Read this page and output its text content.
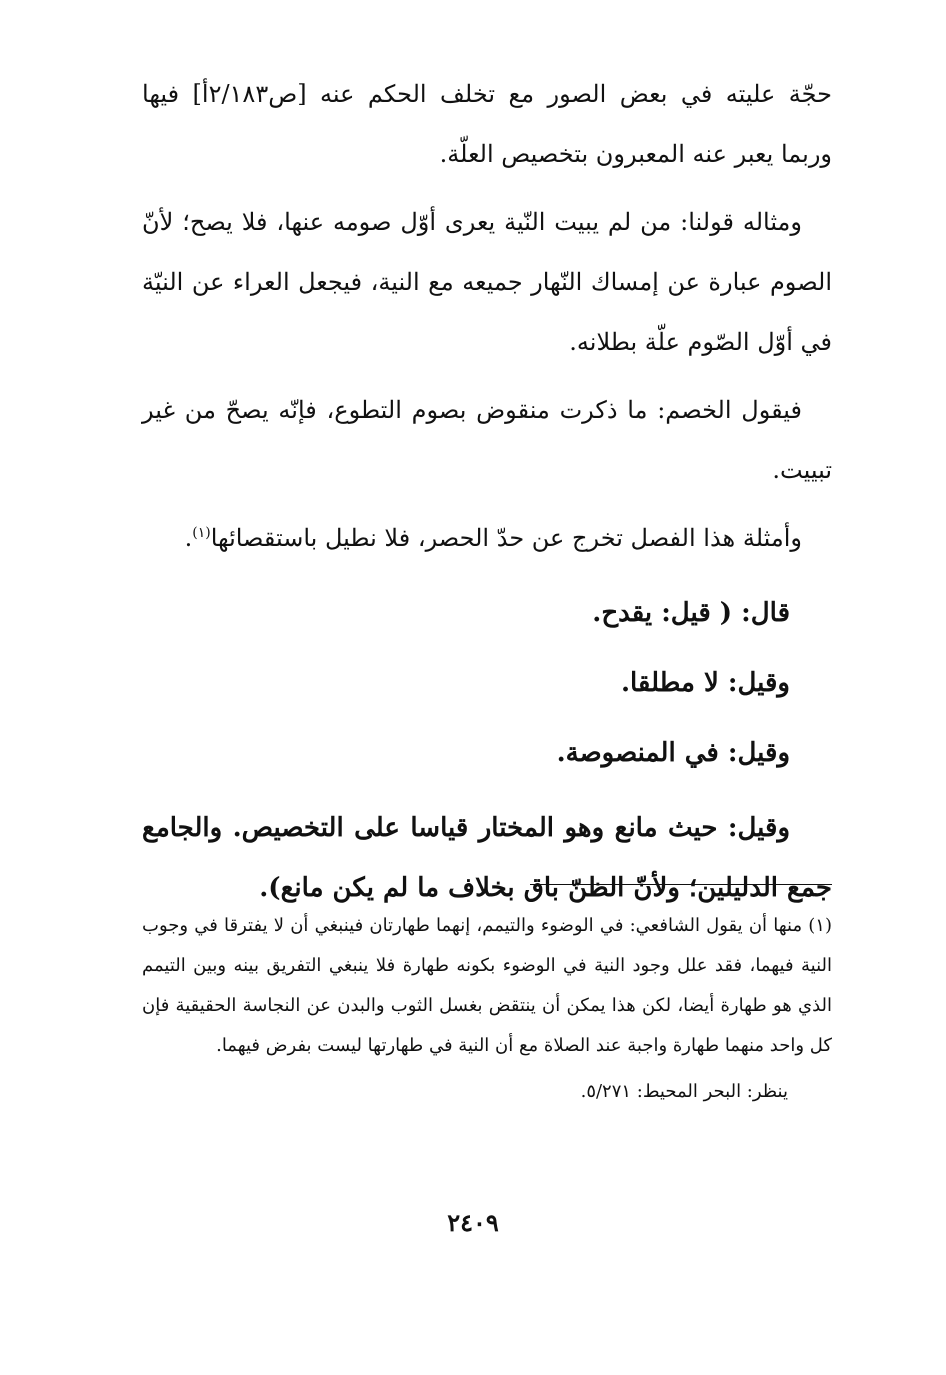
حجّة عليته في بعض الصور مع تخلف الحكم عنه [ص٢/١٨٣أ] فيها وربما يعبر عنه المعبرون بتخصيص العلّة.

ومثاله قولنا: من لم يبيت النّية يعرى أوّل صومه عنها، فلا يصح؛ لأنّ الصوم عبارة عن إمساك النّهار جميعه مع النية، فيجعل العراء عن النيّة في أوّل الصّوم علّة بطلانه.

فيقول الخصم: ما ذكرت منقوض بصوم التطوع، فإنّه يصحّ من غير تبييت.

وأمثلة هذا الفصل تخرج عن حدّ الحصر، فلا نطيل باستقصائها$^{(١)}$.

قال: ( قيل: يقدح.

وقيل: لا مطلقا.

وقيل: في المنصوصة.

وقيل: حيث مانع وهو المختار قياسا على التخصيص. والجامع جمع الدليلين؛ ولأنّ الظنّ باق بخلاف ما لم يكن مانع).

(١) منها أن يقول الشافعي: في الوضوء والتيمم، إنهما طهارتان فينبغي أن لا يفترقا في وجوب النية فيهما، فقد علل وجود النية في الوضوء بكونه طهارة فلا ينبغي التفريق بينه وبين التيمم الذي هو طهارة أيضا، لكن هذا يمكن أن ينتقض بغسل الثوب والبدن عن النجاسة الحقيقية فإن كل واحد منهما طهارة واجبة عند الصلاة مع أن النية في طهارتها ليست بفرض فيهما.

ينظر: البحر المحيط: ٥/٢٧١.

٢٤٠٩
